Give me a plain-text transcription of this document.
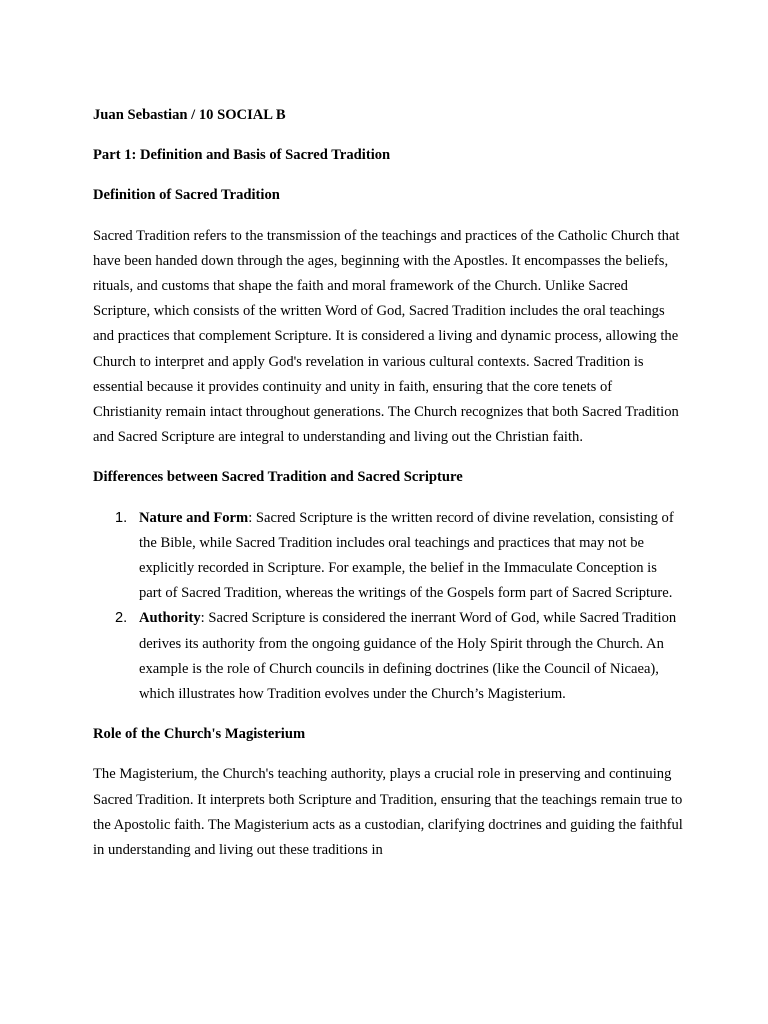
Juan Sebastian / 10 SOCIAL B

Part 1: Definition and Basis of Sacred Tradition

Definition of Sacred Tradition

Sacred Tradition refers to the transmission of the teachings and practices of the Catholic Church that have been handed down through the ages, beginning with the Apostles. It encompasses the beliefs, rituals, and customs that shape the faith and moral framework of the Church. Unlike Sacred Scripture, which consists of the written Word of God, Sacred Tradition includes the oral teachings and practices that complement Scripture. It is considered a living and dynamic process, allowing the Church to interpret and apply God's revelation in various cultural contexts. Sacred Tradition is essential because it provides continuity and unity in faith, ensuring that the core tenets of Christianity remain intact throughout generations. The Church recognizes that both Sacred Tradition and Sacred Scripture are integral to understanding and living out the Christian faith.

Differences between Sacred Tradition and Sacred Scripture

1. Nature and Form: Sacred Scripture is the written record of divine revelation, consisting of the Bible, while Sacred Tradition includes oral teachings and practices that may not be explicitly recorded in Scripture. For example, the belief in the Immaculate Conception is part of Sacred Tradition, whereas the writings of the Gospels form part of Sacred Scripture.
2. Authority: Sacred Scripture is considered the inerrant Word of God, while Sacred Tradition derives its authority from the ongoing guidance of the Holy Spirit through the Church. An example is the role of Church councils in defining doctrines (like the Council of Nicaea), which illustrates how Tradition evolves under the Church’s Magisterium.

Role of the Church's Magisterium

The Magisterium, the Church's teaching authority, plays a crucial role in preserving and continuing Sacred Tradition. It interprets both Scripture and Tradition, ensuring that the teachings remain true to the Apostolic faith. The Magisterium acts as a custodian, clarifying doctrines and guiding the faithful in understanding and living out these traditions in
